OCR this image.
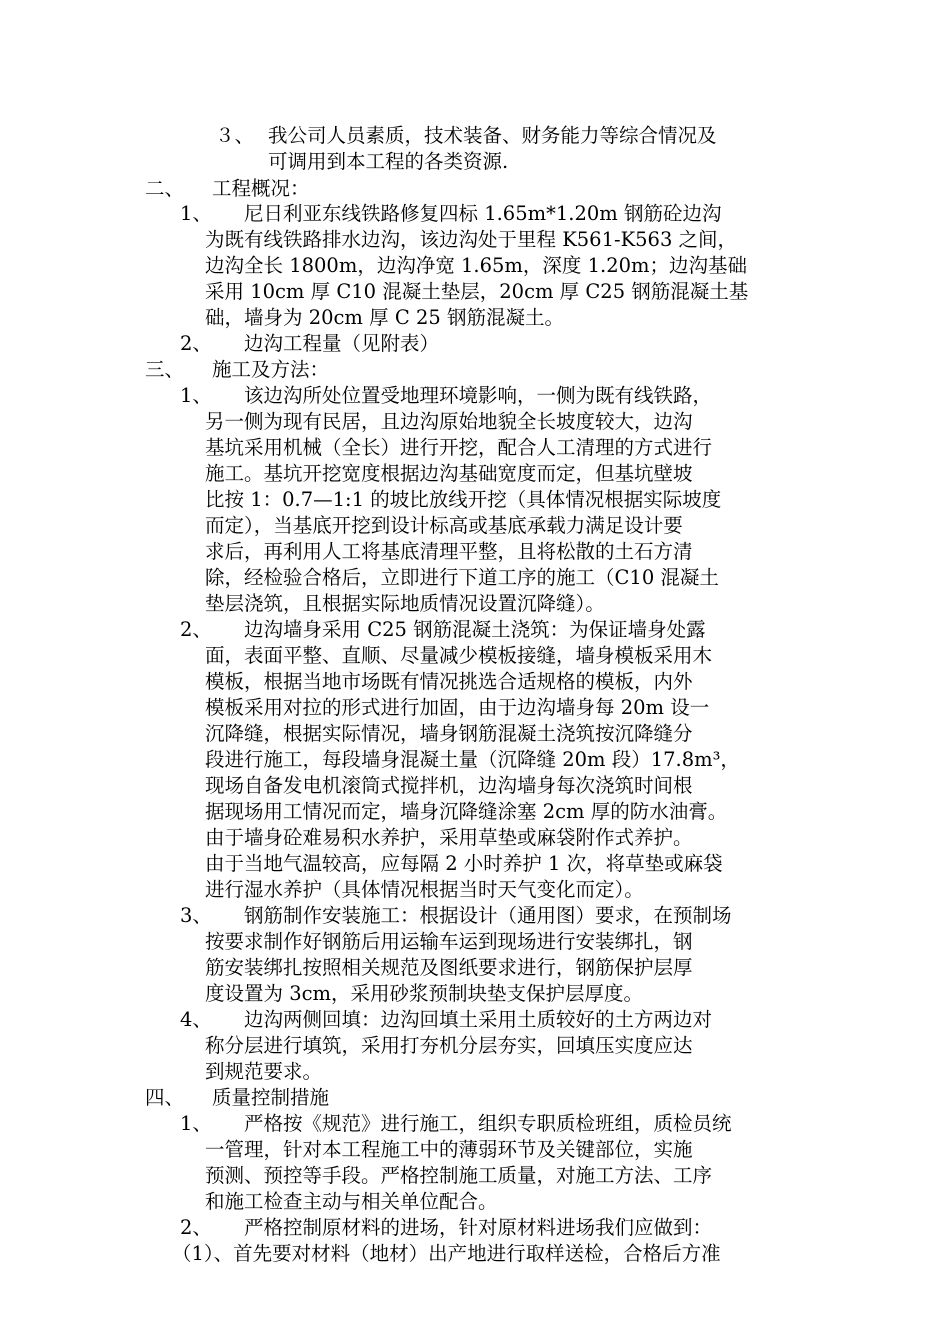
３、 我公司人员素质，技术装备、财务能力等综合情况及
可调用到本工程的各类资源.
二、 工程概况：
1、 尼日利亚东线铁路修复四标 1.65m*1.20m 钢筋砼边沟
为既有线铁路排水边沟，该边沟处于里程 K561-K563 之间，
边沟全长 1800m，边沟净宽 1.65m，深度 1.20m；边沟基础
采用 10cm 厚 C10 混凝土垫层，20cm 厚 C25 钢筋混凝土基
础，墙身为 20cm 厚 C 25 钢筋混凝土。
2、 边沟工程量（见附表）
三、 施工及方法：
1、 该边沟所处位置受地理环境影响，一侧为既有线铁路，
另一侧为现有民居，且边沟原始地貌全长坡度较大，边沟
基坑采用机械（全长）进行开挖，配合人工清理的方式进行
施工。基坑开挖宽度根据边沟基础宽度而定，但基坑壁坡
比按 1：0.7—1:1 的坡比放线开挖（具体情况根据实际坡度
而定），当基底开挖到设计标高或基底承载力满足设计要
求后，再利用人工将基底清理平整，且将松散的土石方清
除，经检验合格后，立即进行下道工序的施工（C10 混凝土
垫层浇筑，且根据实际地质情况设置沉降缝）。
2、 边沟墙身采用 C25 钢筋混凝土浇筑：为保证墙身处露
面，表面平整、直顺、尽量减少模板接缝，墙身模板采用木
模板，根据当地市场既有情况挑选合适规格的模板，内外
模板采用对拉的形式进行加固，由于边沟墙身每 20m 设一
沉降缝，根据实际情况，墙身钢筋混凝土浇筑按沉降缝分
段进行施工，每段墙身混凝土量（沉降缝 20m 段）17.8m³，
现场自备发电机滚筒式搅拌机，边沟墙身每次浇筑时间根
据现场用工情况而定，墙身沉降缝涂塞 2cm 厚的防水油膏。
由于墙身砼难易积水养护，采用草垫或麻袋附作式养护。
由于当地气温较高，应每隔 2 小时养护 1 次，将草垫或麻袋
进行湿水养护（具体情况根据当时天气变化而定）。
3、 钢筋制作安装施工：根据设计（通用图）要求，在预制场
按要求制作好钢筋后用运输车运到现场进行安装绑扎，钢
筋安装绑扎按照相关规范及图纸要求进行，钢筋保护层厚
度设置为 3cm，采用砂浆预制块垫支保护层厚度。
4、 边沟两侧回填：边沟回填土采用土质较好的土方两边对
称分层进行填筑，采用打夯机分层夯实，回填压实度应达
到规范要求。
四、 质量控制措施
1、 严格按《规范》进行施工，组织专职质检班组，质检员统
一管理，针对本工程施工中的薄弱环节及关键部位，实施
预测、预控等手段。严格控制施工质量，对施工方法、工序
和施工检查主动与相关单位配合。
2、 严格控制原材料的进场，针对原材料进场我们应做到：
（1）、首先要对材料（地材）出产地进行取样送检，合格后方准
